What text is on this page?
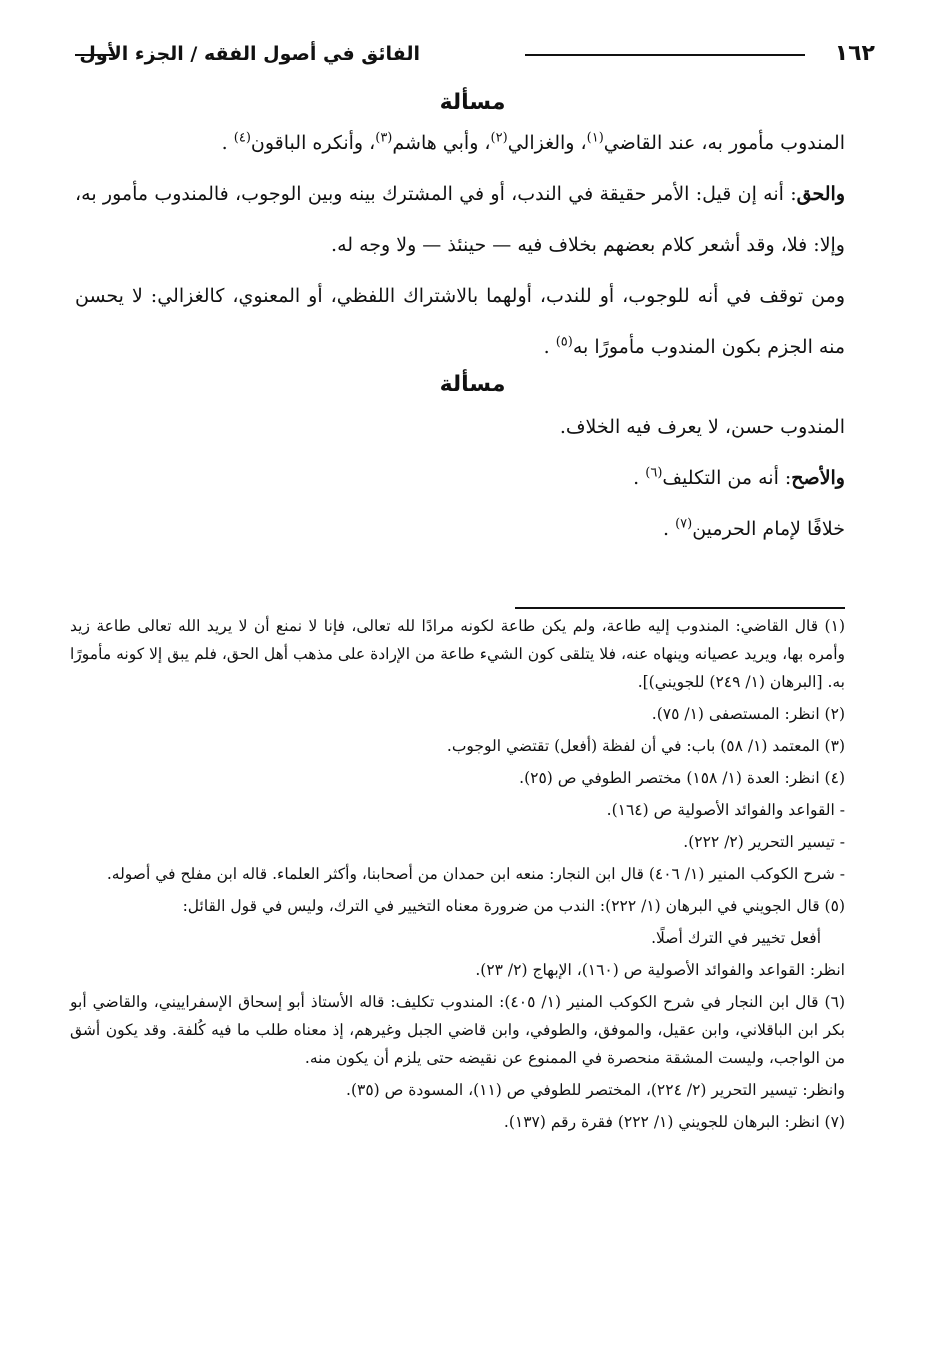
١٦٢
الفائق في أصول الفقه / الجزء الأول
مسألة

المندوب مأمور به، عند القاضي$^{(١)}$، والغزالي$^{(٢)}$، وأبي هاشم$^{(٣)}$، وأنكره الباقون$^{(٤)}$ .

والحق: أنه إن قيل: الأمر حقيقة في الندب، أو في المشترك بينه وبين الوجوب، فالمندوب مأمور به، وإلا: فلا، وقد أشعر كلام بعضهم بخلاف فيه — حينئذ — ولا وجه له.

ومن توقف في أنه للوجوب، أو للندب، أولهما بالاشتراك اللفظي، أو المعنوي، كالغزالي: لا يحسن منه الجزم بكون المندوب مأمورًا به$^{(٥)}$ .

مسألة

المندوب حسن، لا يعرف فيه الخلاف.

والأصح: أنه من التكليف$^{(٦)}$ .

خلافًا لإمام الحرمين$^{(٧)}$ .

(١) قال القاضي: المندوب إليه طاعة، ولم يكن طاعة لكونه مرادًا لله تعالى، فإنا لا نمنع أن لا يريد الله تعالى طاعة زيد وأمره بها، ويريد عصيانه وينهاه عنه، فلا يتلقى كون الشيء طاعة من الإرادة على مذهب أهل الحق، فلم يبق إلا كونه مأمورًا به. [البرهان (١/ ٢٤٩) للجويني)].

(٢) انظر: المستصفى (١/ ٧٥).

(٣) المعتمد (١/ ٥٨) باب: في أن لفظة (أفعل) تقتضي الوجوب.

(٤) انظر: العدة (١/ ١٥٨) مختصر الطوفي ص (٢٥).

- القواعد والفوائد الأصولية ص (١٦٤).

- تيسير التحرير (٢/ ٢٢٢).

- شرح الكوكب المنير (١/ ٤٠٦) قال ابن النجار: منعه ابن حمدان من أصحابنا، وأكثر العلماء. قاله ابن مفلح في أصوله.

(٥) قال الجويني في البرهان (١/ ٢٢٢): الندب من ضرورة معناه التخيير في الترك، وليس في قول القائل:

أفعل تخيير في الترك أصلًا.

انظر: القواعد والفوائد الأصولية ص (١٦٠)، الإبهاج (٢/ ٢٣).

(٦) قال ابن النجار في شرح الكوكب المنير (١/ ٤٠٥): المندوب تكليف: قاله الأستاذ أبو إسحاق الإسفراييني، والقاضي أبو بكر ابن الباقلاني، وابن عقيل، والموفق، والطوفي، وابن قاضي الجبل وغيرهم، إذ معناه طلب ما فيه كُلفة. وقد يكون أشق من الواجب، وليست المشقة منحصرة في الممنوع عن نقيضه حتى يلزم أن يكون منه.

وانظر: تيسير التحرير (٢/ ٢٢٤)، المختصر للطوفي ص (١١)، المسودة ص (٣٥).

(٧) انظر: البرهان للجويني (١/ ٢٢٢) فقرة رقم (١٣٧).
